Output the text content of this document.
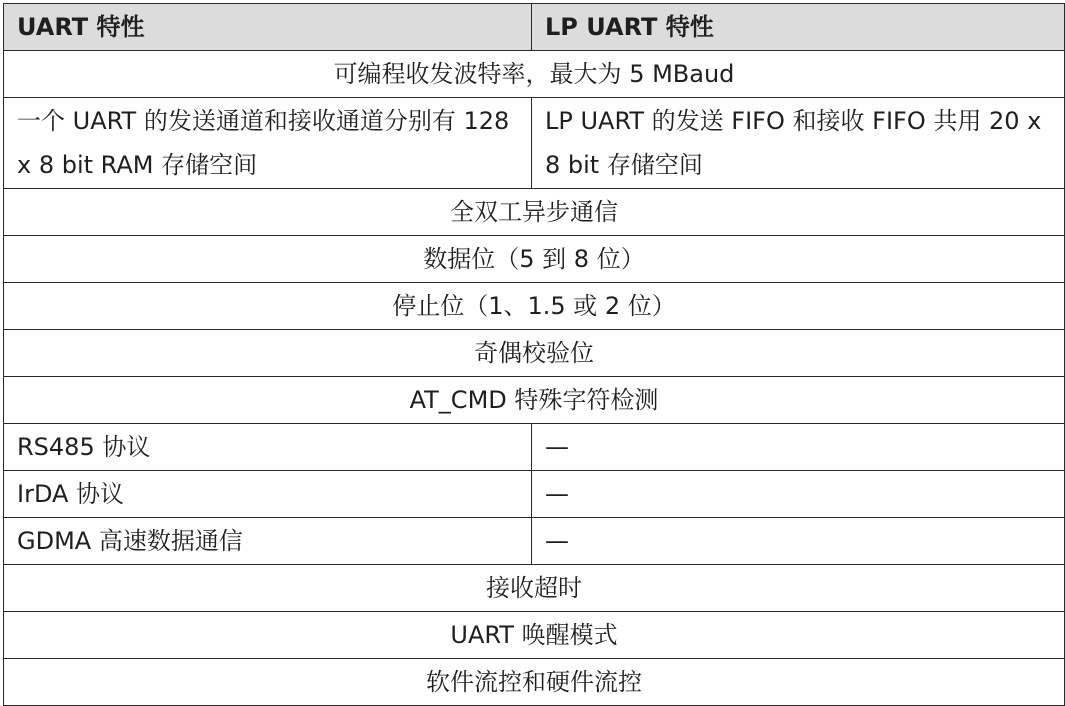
UART 特性	LP UART 特性
可编程收发波特率，最大为 5 MBaud	
一个 UART 的发送通道和接收通道分别有 128 x 8 bit RAM 存储空间	LP UART 的发送 FIFO 和接收 FIFO 共用 20 x 8 bit 存储空间
全双工异步通信	
数据位（5 到 8 位）	
停止位（1、1.5 或 2 位）	
奇偶校验位	
AT_CMD 特殊字符检测	
RS485 协议	—
IrDA 协议	—
GDMA 高速数据通信	—
接收超时	
UART 唤醒模式	
软件流控和硬件流控	
